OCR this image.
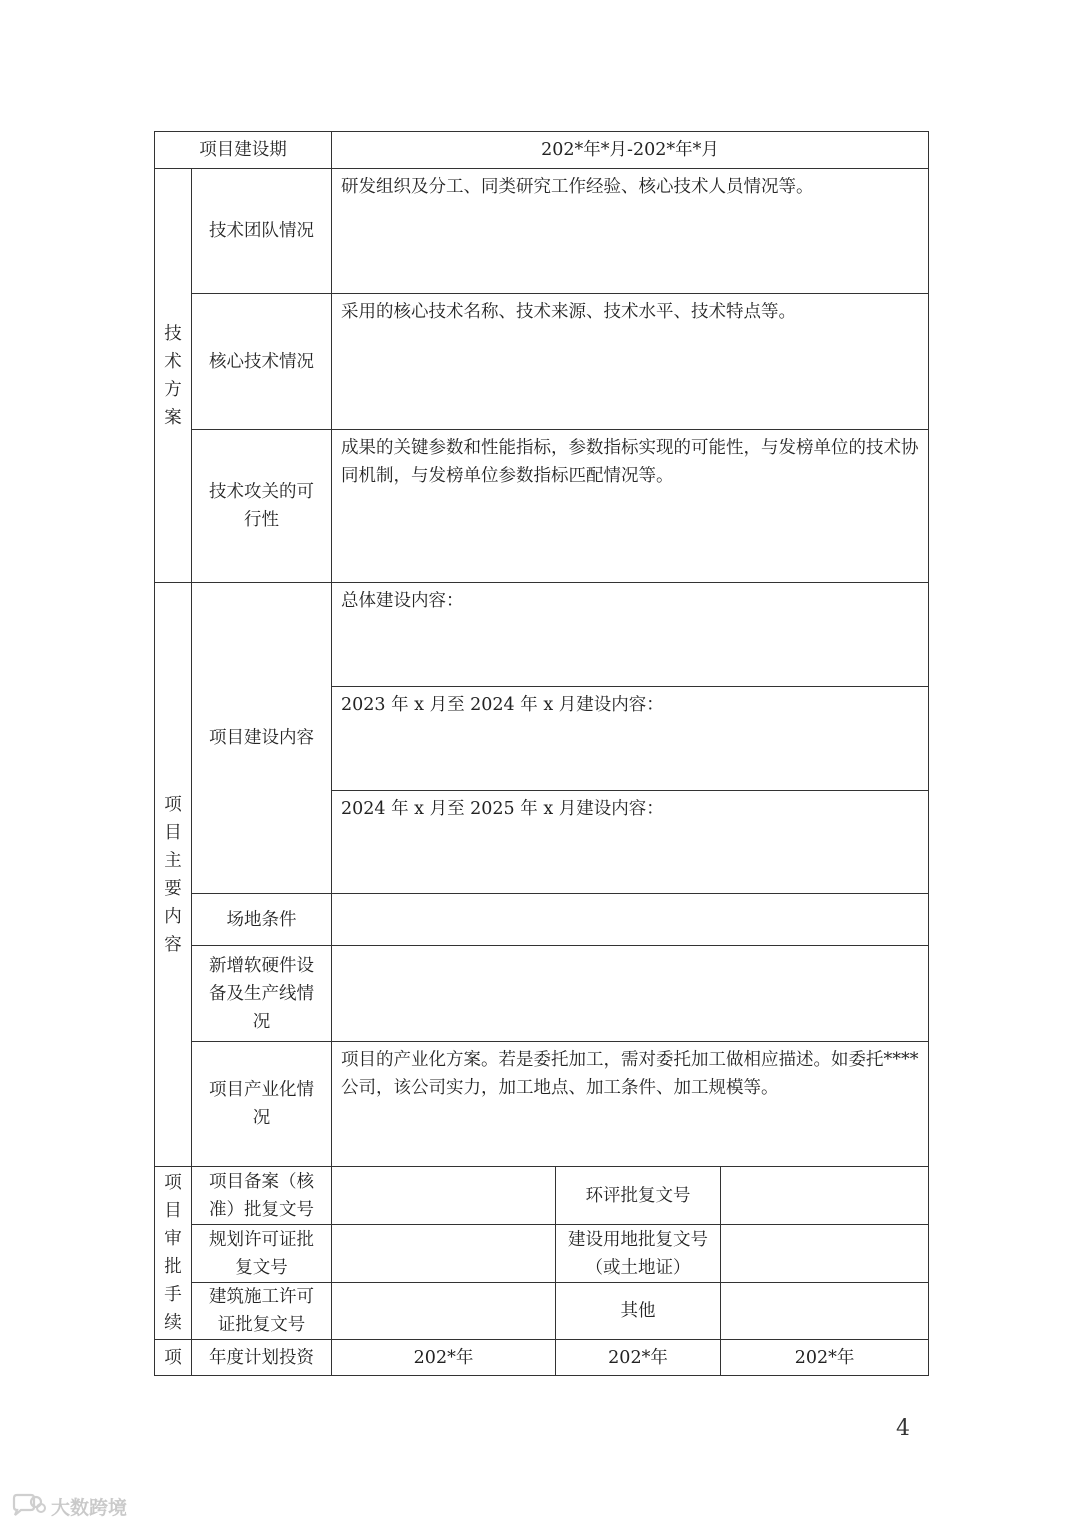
项目建设期		202*年*月-202*年*月		
技术方案	技术团队情况	研发组织及分工、同类研究工作经验、核心技术人员情况等。		
	核心技术情况	采用的核心技术名称、技术来源、技术水平、技术特点等。		
	技术攻关的可行性	成果的关键参数和性能指标，参数指标实现的可能性，与发榜单位的技术协同机制，与发榜单位参数指标匹配情况等。		
项目主要内容	项目建设内容	总体建设内容：		
		2023 年 x 月至 2024 年 x 月建设内容：		
		2024 年 x 月至 2025 年 x 月建设内容：		
	场地条件			
	新增软硬件设备及生产线情况			
	项目产业化情况	项目的产业化方案。若是委托加工，需对委托加工做相应描述。如委托****公司，该公司实力，加工地点、加工条件、加工规模等。		
项目审批手续	项目备案（核准）批复文号		环评批复文号	
	规划许可证批复文号		建设用地批复文号（或土地证）	
	建筑施工许可证批复文号		其他	
项	年度计划投资	202*年	202*年	202*年
4
大数跨境
